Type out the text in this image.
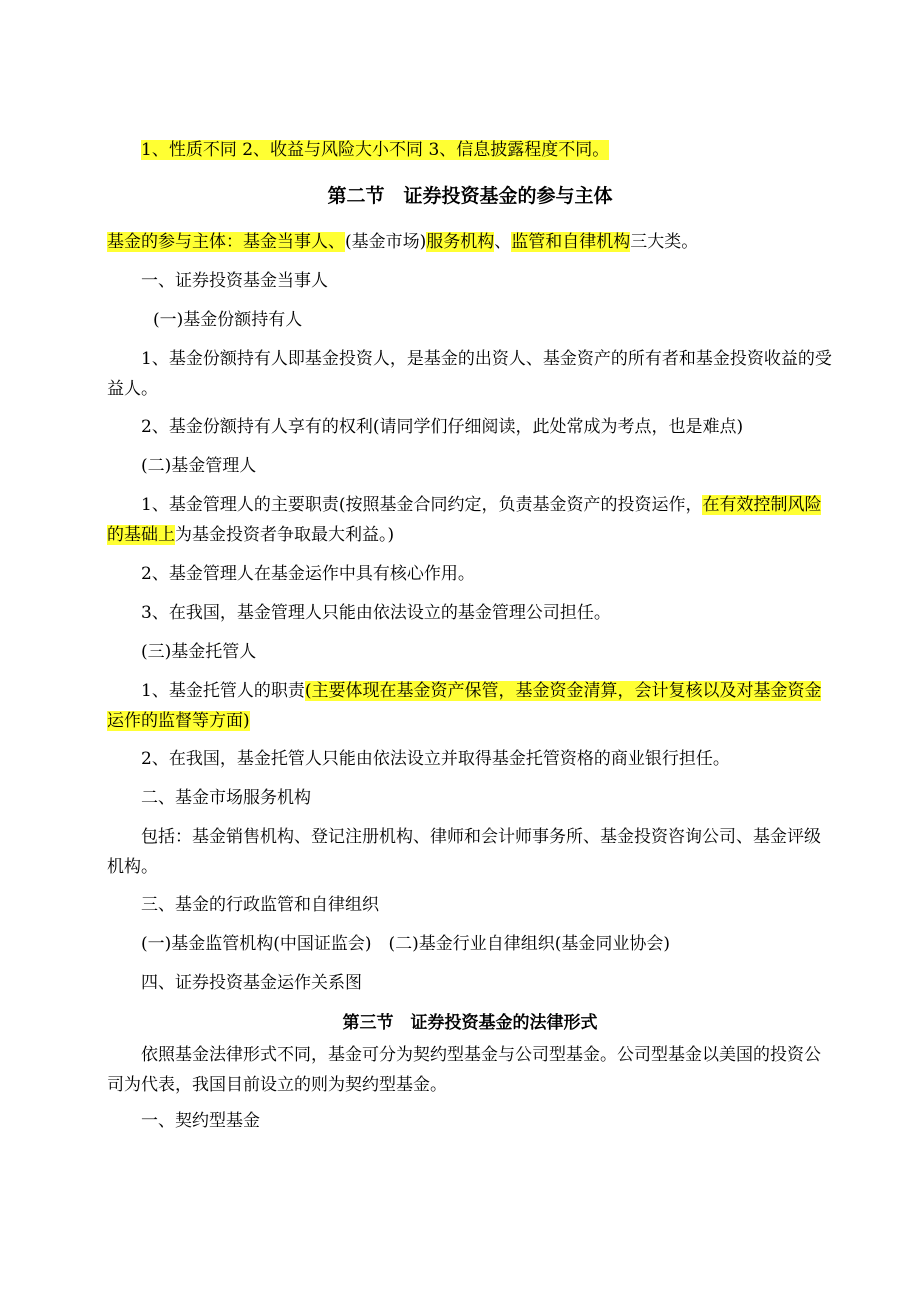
1、性质不同 2、收益与风险大小不同 3、信息披露程度不同。

第二节　证券投资基金的参与主体

基金的参与主体：基金当事人、(基金市场)服务机构、监管和自律机构三大类。

一、证券投资基金当事人

(一)基金份额持有人

1、基金份额持有人即基金投资人，是基金的出资人、基金资产的所有者和基金投资收益的受益人。

2、基金份额持有人享有的权利(请同学们仔细阅读，此处常成为考点，也是难点)

(二)基金管理人

1、基金管理人的主要职责(按照基金合同约定，负责基金资产的投资运作，在有效控制风险的基础上为基金投资者争取最大利益。)

2、基金管理人在基金运作中具有核心作用。

3、在我国，基金管理人只能由依法设立的基金管理公司担任。

(三)基金托管人

1、基金托管人的职责(主要体现在基金资产保管，基金资金清算，会计复核以及对基金资金运作的监督等方面)

2、在我国，基金托管人只能由依法设立并取得基金托管资格的商业银行担任。

二、基金市场服务机构

包括：基金销售机构、登记注册机构、律师和会计师事务所、基金投资咨询公司、基金评级机构。

三、基金的行政监管和自律组织

(一)基金监管机构(中国证监会)　(二)基金行业自律组织(基金同业协会)

四、证券投资基金运作关系图

第三节　证券投资基金的法律形式

依照基金法律形式不同，基金可分为契约型基金与公司型基金。公司型基金以美国的投资公司为代表，我国目前设立的则为契约型基金。

一、契约型基金
